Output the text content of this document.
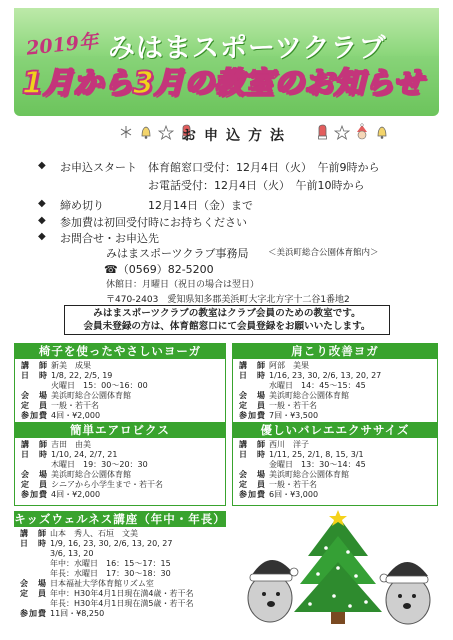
2019年 みはまスポーツクラブ
1月から3月の教室のお知らせ
お申込方法
◆ お申込スタート 体育館窓口受付：12月4日（火）　午前9時から
お電話受付：12月4日（火）　午前10時から
◆ 締め切り	12月14日（金）まで
◆ 参加費は初回受付時にお持ちください
◆ お問合せ・お申込先
みはまスポーツクラブ事務局 ＜美浜町総合公園体育館内＞
☎（0569）82-5200
休館日：月曜日（祝日の場合は翌日）
〒470-2403　愛知県知多郡美浜町大字北方字十二谷1番地2
みはまスポーツクラブの教室はクラブ会員のための教室です。
会員未登録の方は、体育館窓口にて会員登録をお願いいたします。
椅子を使ったやさしいヨーガ
講　師 新美　成果
日　時 1/8, 22, 2/5, 19
火曜日　15：00～16：00
会　場 美浜町総合公園体育館
定　員 一般・若干名
参加費 4回・¥2,000
肩こり改善ヨガ
講　師 阿部　美果
日　時 1/16, 23, 30, 2/6, 13, 20, 27
水曜日　14：45～15：45
会　場 美浜町総合公園体育館
定　員 一般・若干名
参加費 7回・¥3,500
簡単エアロビクス
講　師 吉田　由美
日　時 1/10, 24, 2/7, 21
木曜日　19：30～20：30
会　場 美浜町総合公園体育館
定　員 シニアから小学生まで・若干名
参加費 4回・¥2,000
優しいバレエエクササイズ
講　師 西川　洋子
日　時 1/11, 25, 2/1, 8, 15, 3/1
金曜日　13：30～14：45
会　場 美浜町総合公園体育館
定　員 一般・若干名
参加費 6回・¥3,000
キッズウェルネス講座（年中・年長）
講　師 山本　秀人、石垣　文美
日　時 1/9, 16, 23, 30, 2/6, 13, 20, 27
3/6, 13, 20
年中：水曜日　16：15～17：15
年長：水曜日　17：30～18：30
会　場 日本福祉大学体育館リズム室
定　員 年中：H30年4月1日現在満4歳・若干名
年長：H30年4月1日現在満5歳・若干名
参加費 11回・¥8,250
